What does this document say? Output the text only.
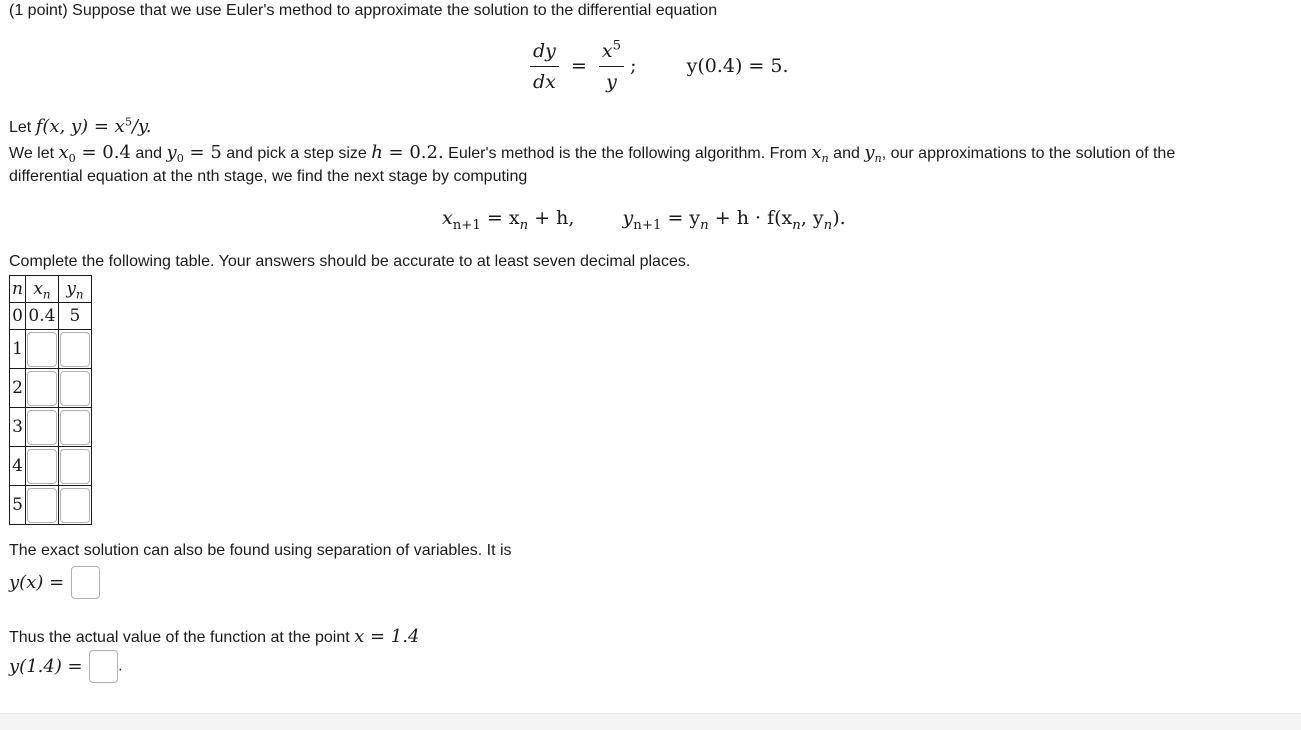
(1 point) Suppose that we use Euler's method to approximate the solution to the differential equation
$\frac{dy}{dx} = \frac{x^5}{y}$ ;	y(0.4) = 5.
Let f(x, $y) = x^5/y$.
We let $x_0 = 0.4$ and $y_0 = 5$ and pick a step size h = 0.2. Euler's method is the the following algorithm. From $x_n$ and $y_n$, our approximations to the solution of the
differential equation at the nth stage, we find the next stage by computing
$x_{n+1} = x_n + h$,	$y_{n+1} = y_n + h \cdot f(x_n$, $y_n$).
Complete the following table. Your answers should be accurate to at least seven decimal places.
n	$x_n$	$y_n$
0	0.4	5
1		
2		
3		
4		
5		
The exact solution can also be found using separation of variables. It is
y(x) =
Thus the actual value of the function at the point x = 1.4
y(1.4) = .
